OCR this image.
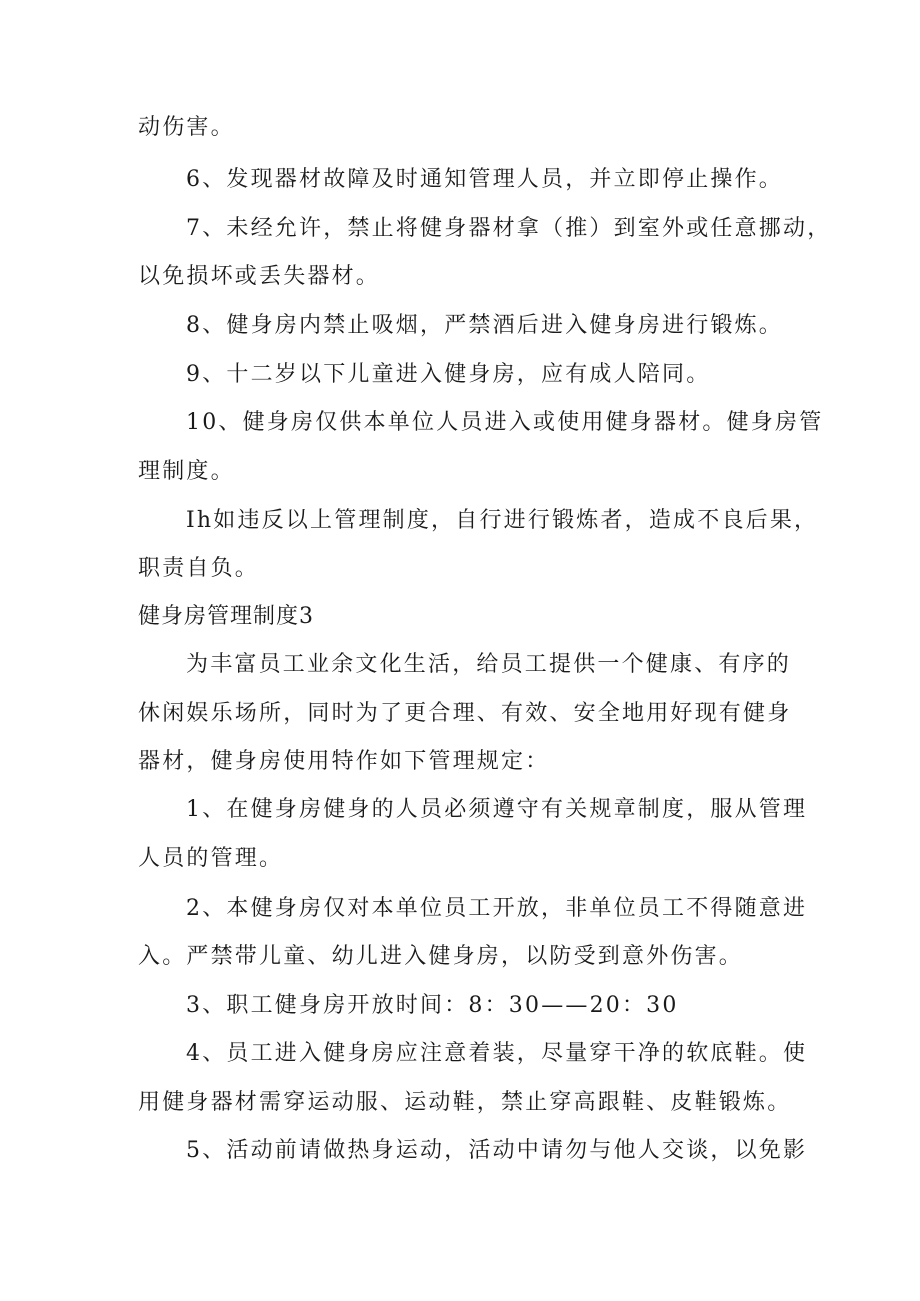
动伤害。
6、发现器材故障及时通知管理人员，并立即停止操作。
7、未经允许，禁止将健身器材拿（推）到室外或任意挪动，
以免损坏或丢失器材。
8、健身房内禁止吸烟，严禁酒后进入健身房进行锻炼。
9、十二岁以下儿童进入健身房，应有成人陪同。
10、健身房仅供本单位人员进入或使用健身器材。健身房管
理制度。
Ih如违反以上管理制度，自行进行锻炼者，造成不良后果，
职责自负。
健身房管理制度3
为丰富员工业余文化生活，给员工提供一个健康、有序的
休闲娱乐场所，同时为了更合理、有效、安全地用好现有健身
器材，健身房使用特作如下管理规定：
1、在健身房健身的人员必须遵守有关规章制度，服从管理
人员的管理。
2、本健身房仅对本单位员工开放，非单位员工不得随意进
入。严禁带儿童、幼儿进入健身房，以防受到意外伤害。
3、职工健身房开放时间：8：30——20：30
4、员工进入健身房应注意着装，尽量穿干净的软底鞋。使
用健身器材需穿运动服、运动鞋，禁止穿高跟鞋、皮鞋锻炼。
5、活动前请做热身运动，活动中请勿与他人交谈，以免影
